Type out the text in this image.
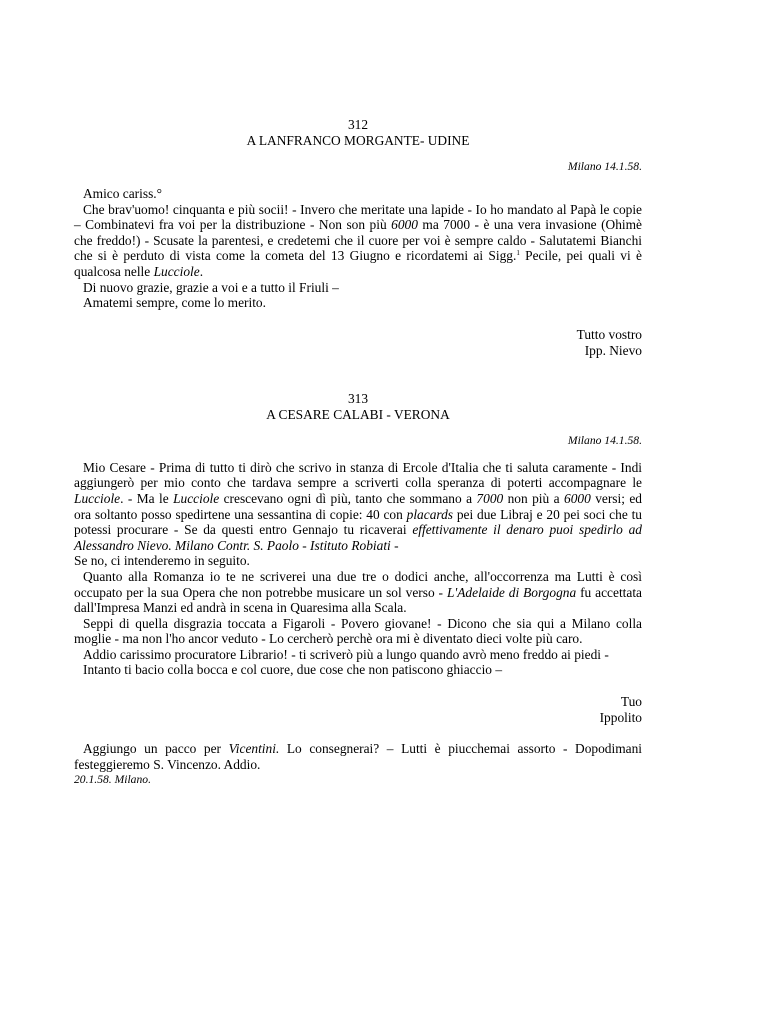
312
A LANFRANCO MORGANTE- UDINE
Milano 14.1.58.

Amico cariss.°

Che brav'uomo! cinquanta e più socii! - Invero che meritate una lapide - Io ho mandato al Papà le copie – Combinatevi fra voi per la distribuzione - Non son più 6000 ma 7000 - è una vera invasione (Ohimè che freddo!) - Scusate la parentesi, e credetemi che il cuore per voi è sempre caldo - Salutatemi Bianchi che si è perduto di vista come la cometa del 13 Giugno e ricordatemi ai Sigg.$^1$ Pecile, pei quali vi è qualcosa nelle Lucciole.

Di nuovo grazie, grazie a voi e a tutto il Friuli –

Amatemi sempre, come lo merito.

Tutto vostro
Ipp. Nievo
313
A CESARE CALABI - VERONA
Milano 14.1.58.

Mio Cesare - Prima di tutto ti dirò che scrivo in stanza di Ercole d'Italia che ti saluta caramente - Indi aggiungerò per mio conto che tardava sempre a scriverti colla speranza di poterti accompagnare le Lucciole. - Ma le Lucciole crescevano ogni dì più, tanto che sommano a 7000 non più a 6000 versi; ed ora soltanto posso spedirtene una sessantina di copie: 40 con placards pei due Libraj e 20 pei soci che tu potessi procurare - Se da questi entro Gennajo tu ricaverai effettivamente il denaro puoi spedirlo ad Alessandro Nievo. Milano Contr. S. Paolo - Istituto Robiati -

Se no, ci intenderemo in seguito.

Quanto alla Romanza io te ne scriverei una due tre o dodici anche, all'occorrenza ma Lutti è così occupato per la sua Opera che non potrebbe musicare un sol verso - L'Adelaide di Borgogna fu accettata dall'Impresa Manzi ed andrà in scena in Quaresima alla Scala.

Seppi di quella disgrazia toccata a Figaroli - Povero giovane! - Dicono che sia qui a Milano colla moglie - ma non l'ho ancor veduto - Lo cercherò perchè ora mi è diventato dieci volte più caro.

Addio carissimo procuratore Librario! - ti scriverò più a lungo quando avrò meno freddo ai piedi -

Intanto ti bacio colla bocca e col cuore, due cose che non patiscono ghiaccio –

Tuo
Ippolito

Aggiungo un pacco per Vicentini. Lo consegnerai? – Lutti è piucchemai assorto - Dopodimani festeggieremo S. Vincenzo. Addio.

20.1.58. Milano.
